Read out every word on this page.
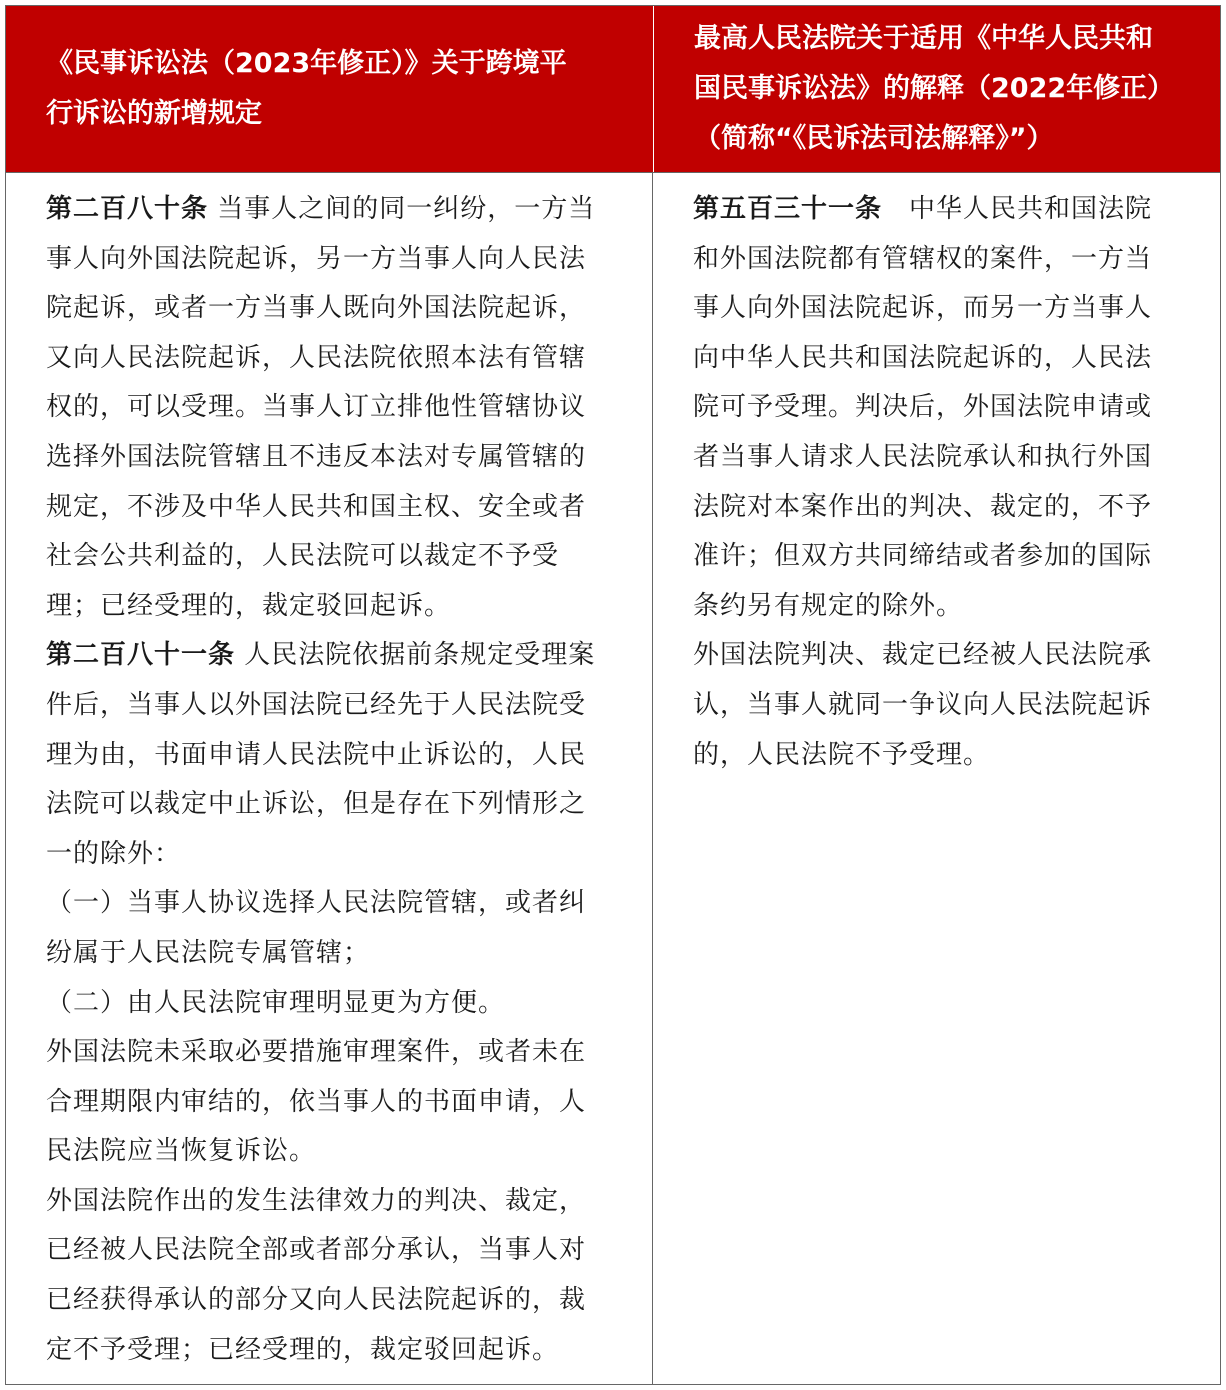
《民事诉讼法（2023年修正）》关于跨境平
行诉讼的新增规定
最高人民法院关于适用《中华人民共和
国民事诉讼法》的解释（2022年修正）
（简称“《民诉法司法解释》”）
第二百八十条 当事人之间的同一纠纷，一方当
事人向外国法院起诉，另一方当事人向人民法
院起诉，或者一方当事人既向外国法院起诉，
又向人民法院起诉，人民法院依照本法有管辖
权的，可以受理。当事人订立排他性管辖协议
选择外国法院管辖且不违反本法对专属管辖的
规定，不涉及中华人民共和国主权、安全或者
社会公共利益的，人民法院可以裁定不予受
理；已经受理的，裁定驳回起诉。
第二百八十一条 人民法院依据前条规定受理案
件后，当事人以外国法院已经先于人民法院受
理为由，书面申请人民法院中止诉讼的，人民
法院可以裁定中止诉讼，但是存在下列情形之
一的除外：
（一）当事人协议选择人民法院管辖，或者纠
纷属于人民法院专属管辖；
（二）由人民法院审理明显更为方便。
外国法院未采取必要措施审理案件，或者未在
合理期限内审结的，依当事人的书面申请，人
民法院应当恢复诉讼。
外国法院作出的发生法律效力的判决、裁定，
已经被人民法院全部或者部分承认，当事人对
已经获得承认的部分又向人民法院起诉的，裁
定不予受理；已经受理的，裁定驳回起诉。
第五百三十一条　中华人民共和国法院
和外国法院都有管辖权的案件，一方当
事人向外国法院起诉，而另一方当事人
向中华人民共和国法院起诉的，人民法
院可予受理。判决后，外国法院申请或
者当事人请求人民法院承认和执行外国
法院对本案作出的判决、裁定的，不予
准许；但双方共同缔结或者参加的国际
条约另有规定的除外。
外国法院判决、裁定已经被人民法院承
认，当事人就同一争议向人民法院起诉
的，人民法院不予受理。
